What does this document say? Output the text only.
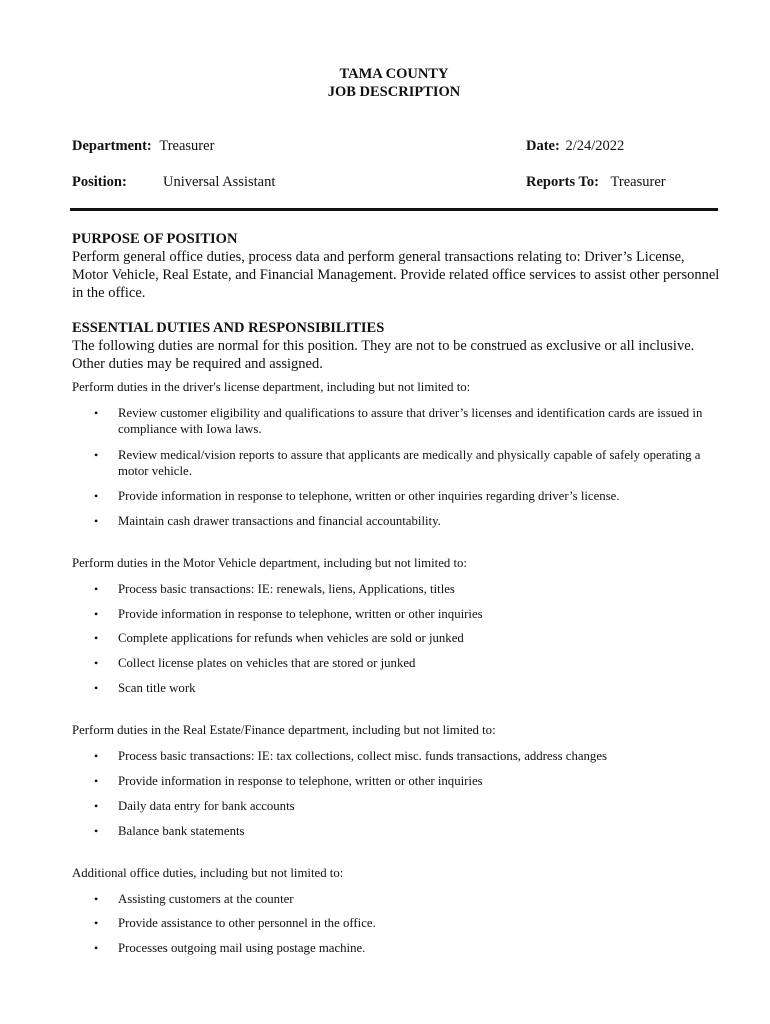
TAMA COUNTY
JOB DESCRIPTION
Department: Treasurer	Date: 2/24/2022
Position: Universal Assistant	Reports To: Treasurer
PURPOSE OF POSITION

Perform general office duties, process data and perform general transactions relating to: Driver’s License, Motor Vehicle, Real Estate, and Financial Management. Provide related office services to assist other personnel in the office.

ESSENTIAL DUTIES AND RESPONSIBILITIES

The following duties are normal for this position. They are not to be construed as exclusive or all inclusive. Other duties may be required and assigned.

Perform duties in the driver's license department, including but not limited to:
• Review customer eligibility and qualifications to assure that driver’s licenses and identification cards are issued in compliance with Iowa laws.
• Review medical/vision reports to assure that applicants are medically and physically capable of safely operating a motor vehicle.
• Provide information in response to telephone, written or other inquiries regarding driver’s license.
• Maintain cash drawer transactions and financial accountability.
Perform duties in the Motor Vehicle department, including but not limited to:
• Process basic transactions: IE: renewals, liens, Applications, titles
• Provide information in response to telephone, written or other inquiries
• Complete applications for refunds when vehicles are sold or junked
• Collect license plates on vehicles that are stored or junked
• Scan title work
Perform duties in the Real Estate/Finance department, including but not limited to:
• Process basic transactions: IE: tax collections, collect misc. funds transactions, address changes
• Provide information in response to telephone, written or other inquiries
• Daily data entry for bank accounts
• Balance bank statements
Additional office duties, including but not limited to:
• Assisting customers at the counter
• Provide assistance to other personnel in the office.
• Processes outgoing mail using postage machine.
